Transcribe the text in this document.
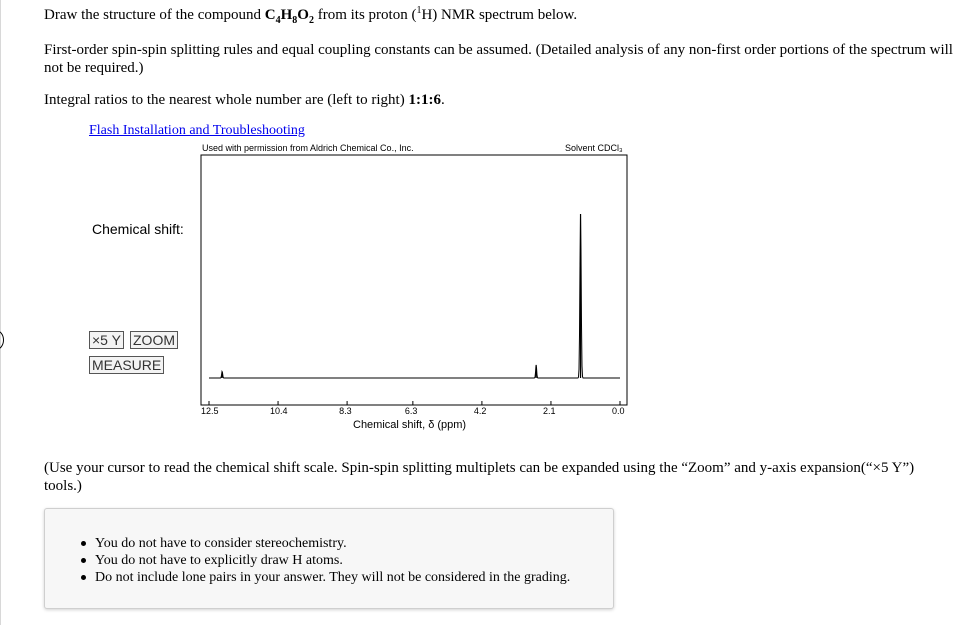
Draw the structure of the compound $C_4H_8O_2$ from its proton ($^1$H) NMR spectrum below.

First-order spin-spin splitting rules and equal coupling constants can be assumed. (Detailed analysis of any non-first order portions of the spectrum will not be required.)

Integral ratios to the nearest whole number are (left to right) 1:1:6.

Flash Installation and Troubleshooting
Chemical shift:
×5 Y ZOOM
MEASURE
Used with permission from Aldrich Chemical Co., Inc.	Solvent CDCl₃
12.5	10.4	8.3	6.3	4.2	2.1	0.0
Chemical shift, δ (ppm)

(Use your cursor to read the chemical shift scale. Spin-spin splitting multiplets can be expanded using the “Zoom” and y-axis expansion(“×5 Y”) tools.)

You do not have to consider stereochemistry.
You do not have to explicitly draw H atoms.
Do not include lone pairs in your answer. They will not be considered in the grading.
